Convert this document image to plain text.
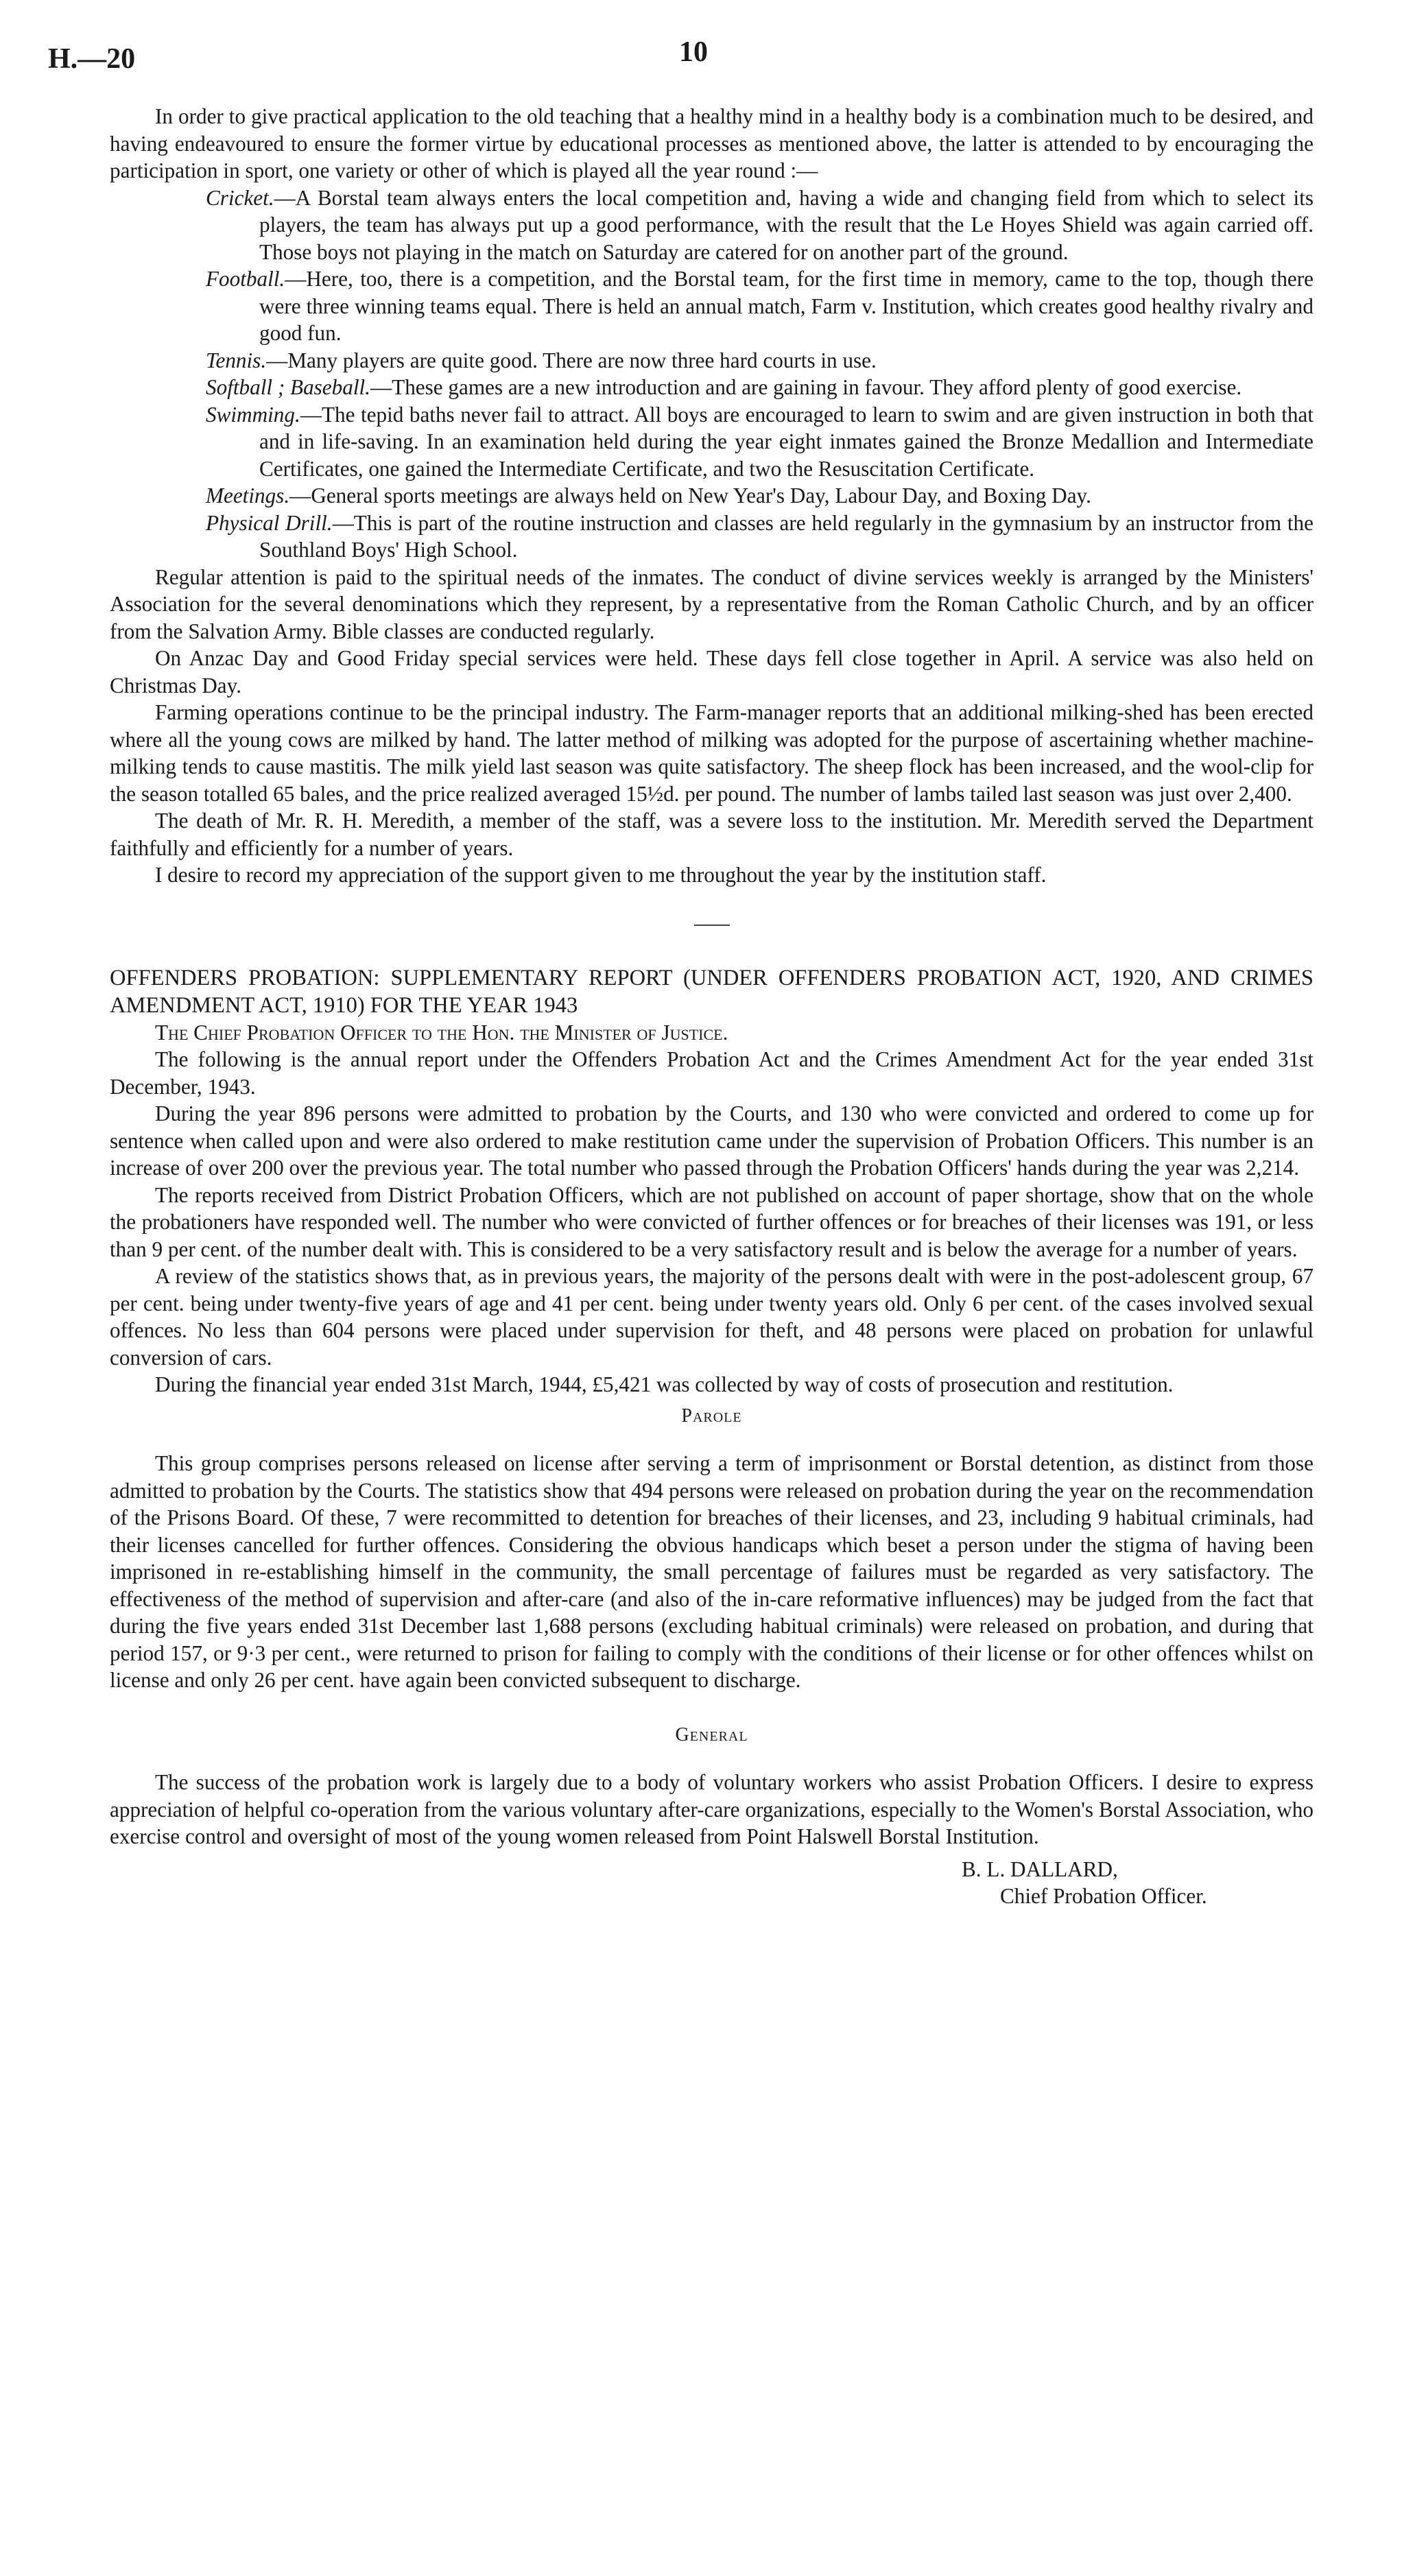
H.—20	10

In order to give practical application to the old teaching that a healthy mind in a healthy body is a combination much to be desired, and having endeavoured to ensure the former virtue by educational processes as mentioned above, the latter is attended to by encouraging the participation in sport, one variety or other of which is played all the year round :—

Cricket.—A Borstal team always enters the local competition and, having a wide and changing field from which to select its players, the team has always put up a good performance, with the result that the Le Hoyes Shield was again carried off. Those boys not playing in the match on Saturday are catered for on another part of the ground.
Football.—Here, too, there is a competition, and the Borstal team, for the first time in memory, came to the top, though there were three winning teams equal. There is held an annual match, Farm v. Institution, which creates good healthy rivalry and good fun.
Tennis.—Many players are quite good. There are now three hard courts in use.
Softball ; Baseball.—These games are a new introduction and are gaining in favour. They afford plenty of good exercise.
Swimming.—The tepid baths never fail to attract. All boys are encouraged to learn to swim and are given instruction in both that and in life-saving. In an examination held during the year eight inmates gained the Bronze Medallion and Intermediate Certificates, one gained the Intermediate Certificate, and two the Resuscitation Certificate.
Meetings.—General sports meetings are always held on New Year's Day, Labour Day, and Boxing Day.
Physical Drill.—This is part of the routine instruction and classes are held regularly in the gymnasium by an instructor from the Southland Boys' High School.

Regular attention is paid to the spiritual needs of the inmates. The conduct of divine services weekly is arranged by the Ministers' Association for the several denominations which they represent, by a representative from the Roman Catholic Church, and by an officer from the Salvation Army. Bible classes are conducted regularly.

On Anzac Day and Good Friday special services were held. These days fell close together in April. A service was also held on Christmas Day.

Farming operations continue to be the principal industry. The Farm-manager reports that an additional milking-shed has been erected where all the young cows are milked by hand. The latter method of milking was adopted for the purpose of ascertaining whether machine-milking tends to cause mastitis. The milk yield last season was quite satisfactory. The sheep flock has been increased, and the wool-clip for the season totalled 65 bales, and the price realized averaged 15½d. per pound. The number of lambs tailed last season was just over 2,400.

The death of Mr. R. H. Meredith, a member of the staff, was a severe loss to the institution. Mr. Meredith served the Department faithfully and efficiently for a number of years.

I desire to record my appreciation of the support given to me throughout the year by the institution staff.

OFFENDERS PROBATION: SUPPLEMENTARY REPORT (UNDER OFFENDERS PROBATION ACT, 1920, AND CRIMES AMENDMENT ACT, 1910) FOR THE YEAR 1943

The Chief Probation Officer to the Hon. the Minister of Justice.

The following is the annual report under the Offenders Probation Act and the Crimes Amendment Act for the year ended 31st December, 1943.

During the year 896 persons were admitted to probation by the Courts, and 130 who were convicted and ordered to come up for sentence when called upon and were also ordered to make restitution came under the supervision of Probation Officers. This number is an increase of over 200 over the previous year. The total number who passed through the Probation Officers' hands during the year was 2,214.

The reports received from District Probation Officers, which are not published on account of paper shortage, show that on the whole the probationers have responded well. The number who were convicted of further offences or for breaches of their licenses was 191, or less than 9 per cent. of the number dealt with. This is considered to be a very satisfactory result and is below the average for a number of years.

A review of the statistics shows that, as in previous years, the majority of the persons dealt with were in the post-adolescent group, 67 per cent. being under twenty-five years of age and 41 per cent. being under twenty years old. Only 6 per cent. of the cases involved sexual offences. No less than 604 persons were placed under supervision for theft, and 48 persons were placed on probation for unlawful conversion of cars.

During the financial year ended 31st March, 1944, £5,421 was collected by way of costs of prosecution and restitution.

Parole

This group comprises persons released on license after serving a term of imprisonment or Borstal detention, as distinct from those admitted to probation by the Courts. The statistics show that 494 persons were released on probation during the year on the recommendation of the Prisons Board. Of these, 7 were recommitted to detention for breaches of their licenses, and 23, including 9 habitual criminals, had their licenses cancelled for further offences. Considering the obvious handicaps which beset a person under the stigma of having been imprisoned in re-establishing himself in the community, the small percentage of failures must be regarded as very satisfactory. The effectiveness of the method of supervision and after-care (and also of the in-care reformative influences) may be judged from the fact that during the five years ended 31st December last 1,688 persons (excluding habitual criminals) were released on probation, and during that period 157, or 9·3 per cent., were returned to prison for failing to comply with the conditions of their license or for other offences whilst on license and only 26 per cent. have again been convicted subsequent to discharge.

General

The success of the probation work is largely due to a body of voluntary workers who assist Probation Officers. I desire to express appreciation of helpful co-operation from the various voluntary after-care organizations, especially to the Women's Borstal Association, who exercise control and oversight of most of the young women released from Point Halswell Borstal Institution.

B. L. DALLARD,
Chief Probation Officer.
